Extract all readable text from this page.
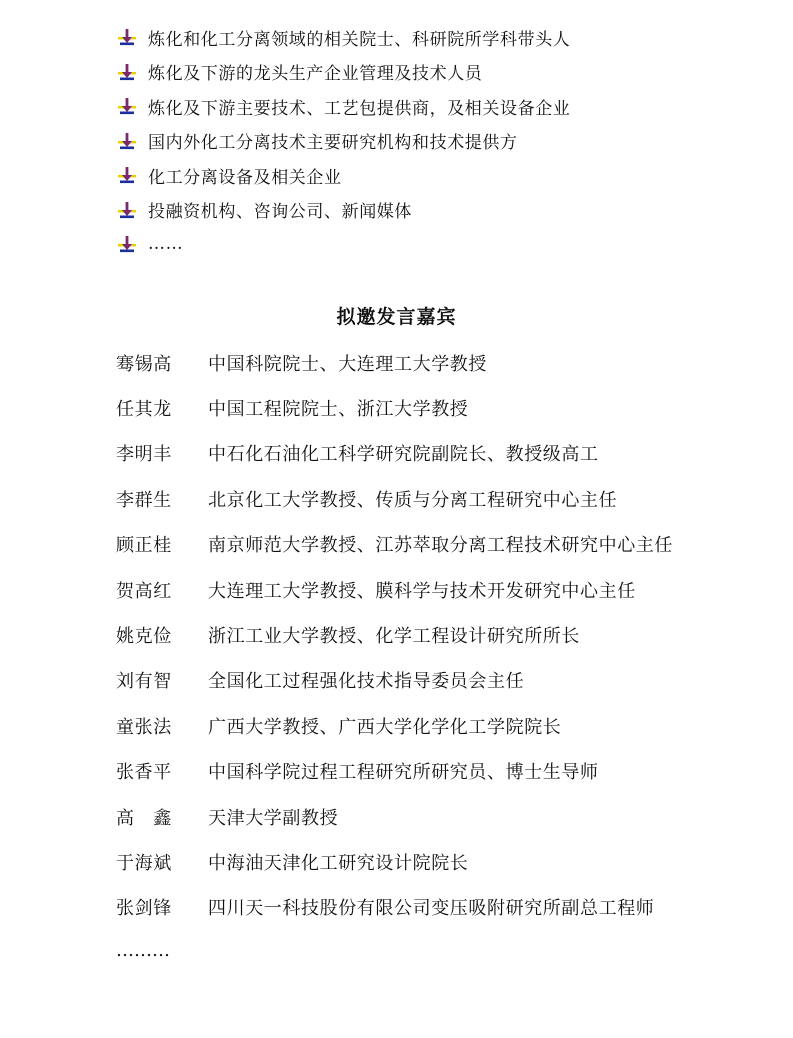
炼化和化工分离领域的相关院士、科研院所学科带头人
炼化及下游的龙头生产企业管理及技术人员
炼化及下游主要技术、工艺包提供商，及相关设备企业
国内外化工分离技术主要研究机构和技术提供方
化工分离设备及相关企业
投融资机构、咨询公司、新闻媒体
……
拟邀发言嘉宾
骞锡高	中国科院院士、大连理工大学教授
任其龙	中国工程院院士、浙江大学教授
李明丰	中石化石油化工科学研究院副院长、教授级高工
李群生	北京化工大学教授、传质与分离工程研究中心主任
顾正桂	南京师范大学教授、江苏萃取分离工程技术研究中心主任
贺高红	大连理工大学教授、膜科学与技术开发研究中心主任
姚克俭	浙江工业大学教授、化学工程设计研究所所长
刘有智	全国化工过程强化技术指导委员会主任
童张法	广西大学教授、广西大学化学化工学院院长
张香平	中国科学院过程工程研究所研究员、博士生导师
高　鑫	天津大学副教授
于海斌	中海油天津化工研究设计院院长
张剑锋	四川天一科技股份有限公司变压吸附研究所副总工程师
………
